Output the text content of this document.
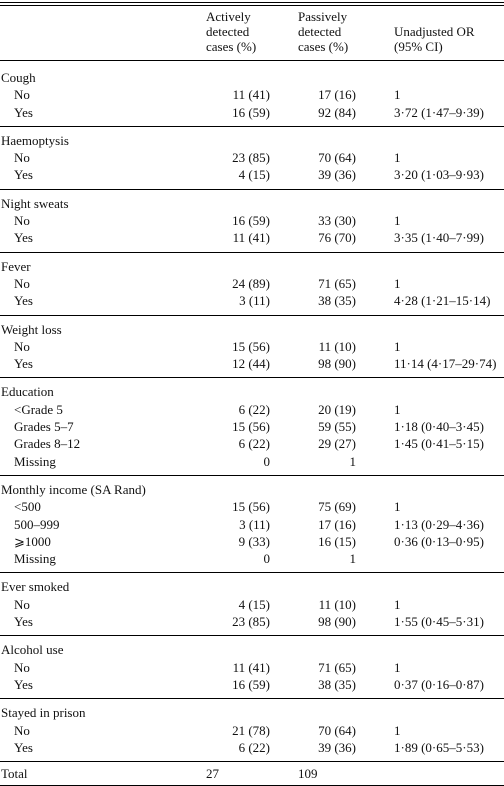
	Actively
detected
cases (%)	Passively
detected
cases (%)	Unadjusted OR
(95% CI)
Cough			
No	11 (41)	17 (16)	1
Yes	16 (59)	92 (84)	3·72 (1·47–9·39)
Haemoptysis			
No	23 (85)	70 (64)	1
Yes	4 (15)	39 (36)	3·20 (1·03–9·93)
Night sweats			
No	16 (59)	33 (30)	1
Yes	11 (41)	76 (70)	3·35 (1·40–7·99)
Fever			
No	24 (89)	71 (65)	1
Yes	3 (11)	38 (35)	4·28 (1·21–15·14)
Weight loss			
No	15 (56)	11 (10)	1
Yes	12 (44)	98 (90)	11·14 (4·17–29·74)
Education			
<Grade 5	6 (22)	20 (19)	1
Grades 5–7	15 (56)	59 (55)	1·18 (0·40–3·45)
Grades 8–12	6 (22)	29 (27)	1·45 (0·41–5·15)
Missing	0	1	
Monthly income (SA Rand)			
<500	15 (56)	75 (69)	1
500–999	3 (11)	17 (16)	1·13 (0·29–4·36)
⩾1000	9 (33)	16 (15)	0·36 (0·13–0·95)
Missing	0	1	
Ever smoked			
No	4 (15)	11 (10)	1
Yes	23 (85)	98 (90)	1·55 (0·45–5·31)
Alcohol use			
No	11 (41)	71 (65)	1
Yes	16 (59)	38 (35)	0·37 (0·16–0·87)
Stayed in prison			
No	21 (78)	70 (64)	1
Yes	6 (22)	39 (36)	1·89 (0·65–5·53)
Total	27	109	
